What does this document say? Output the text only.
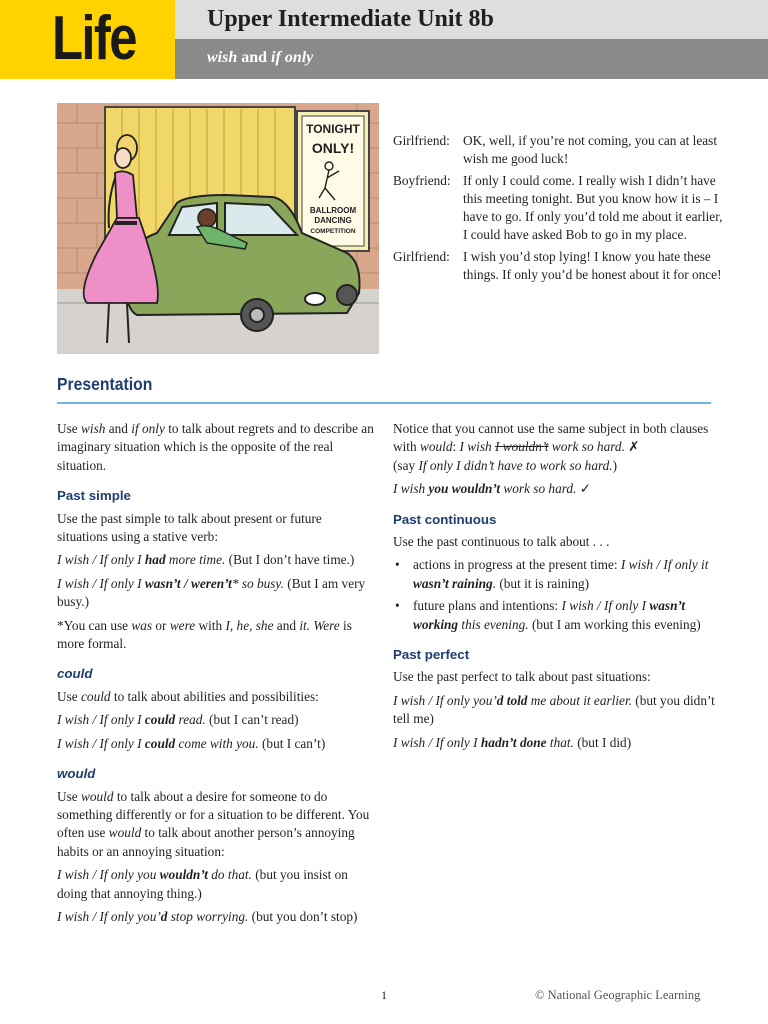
Life	Upper Intermediate Unit 8b
wish and if only
TONIGHT
ONLY!
BALLROOM
DANCING
COMPETITION
Girlfriend: OK, well, if you’re not coming, you can at least wish me good luck!
Boyfriend: If only I could come. I really wish I didn’t have this meeting tonight. But you know how it is – I have to go. If only you’d told me about it earlier, I could have asked Bob to go in my place.
Girlfriend: I wish you’d stop lying! I know you hate these things. If only you’d be honest about it for once!
Presentation

Use wish and if only to talk about regrets and to describe an imaginary situation which is the opposite of the real situation.

Past simple

Use the past simple to talk about present or future situations using a stative verb:

I wish / If only I had more time. (But I don’t have time.)

I wish / If only I wasn’t / weren’t* so busy. (But I am very busy.)

*You can use was or were with I, he, she and it. Were is more formal.

could

Use could to talk about abilities and possibilities:

I wish / If only I could read. (but I can’t read)

I wish / If only I could come with you. (but I can’t)

would

Use would to talk about a desire for someone to do something differently or for a situation to be different. You often use would to talk about another person’s annoying habits or an annoying situation:

I wish / If only you wouldn’t do that. (but you insist on doing that annoying thing.)

I wish / If only you’d stop worrying. (but you don’t stop)

Notice that you cannot use the same subject in both clauses with would: I wish I wouldn’t work so hard. ✗
(say If only I didn’t have to work so hard.)

I wish you wouldn’t work so hard. ✓

Past continuous

Use the past continuous to talk about . . .

• actions in progress at the present time: I wish / If only it wasn’t raining. (but it is raining)
• future plans and intentions: I wish / If only I wasn’t working this evening. (but I am working this evening)
Past perfect

Use the past perfect to talk about past situations:

I wish / If only you’d told me about it earlier. (but you didn’t tell me)

I wish / If only I hadn’t done that. (but I did)

1	© National Geographic Learning
